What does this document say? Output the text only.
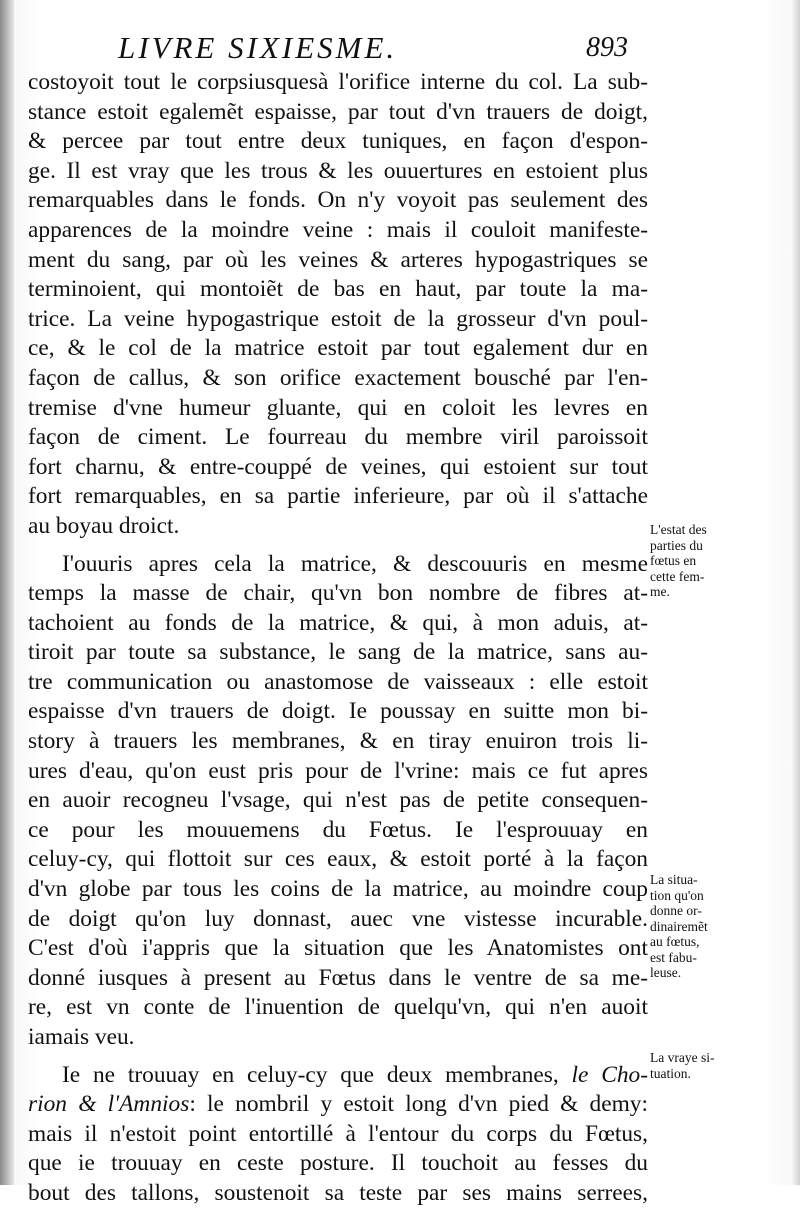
LIVRE SIXIESME.	893
costoyoit tout le corpsiusquesà l'orifice interne du col. La sub-
stance estoit egalemẽt espaisse, par tout d'vn trauers de doigt,
& percee par tout entre deux tuniques, en façon d'espon-
ge. Il est vray que les trous & les ouuertures en estoient plus
remarquables dans le fonds. On n'y voyoit pas seulement des
apparences de la moindre veine : mais il couloit manifeste-
ment du sang, par où les veines & arteres hypogastriques se
terminoient, qui montoiẽt de bas en haut, par toute la ma-
trice. La veine hypogastrique estoit de la grosseur d'vn poul-
ce, & le col de la matrice estoit par tout egalement dur en
façon de callus, & son orifice exactement bousché par l'en-
tremise d'vne humeur gluante, qui en coloit les levres en
façon de ciment. Le fourreau du membre viril paroissoit
fort charnu, & entre-couppé de veines, qui estoient sur tout
fort remarquables, en sa partie inferieure, par où il s'attache
au boyau droict.
I'ouuris apres cela la matrice, & descouuris en mesme
temps la masse de chair, qu'vn bon nombre de fibres at-
tachoient au fonds de la matrice, & qui, à mon aduis, at-
tiroit par toute sa substance, le sang de la matrice, sans au-
tre communication ou anastomose de vaisseaux : elle estoit
espaisse d'vn trauers de doigt. Ie poussay en suitte mon bi-
story à trauers les membranes, & en tiray enuiron trois li-
ures d'eau, qu'on eust pris pour de l'vrine: mais ce fut apres
en auoir recogneu l'vsage, qui n'est pas de petite consequen-
ce pour les mouuemens du Fœtus. Ie l'esprouuay en
celuy-cy, qui flottoit sur ces eaux, & estoit porté à la façon
d'vn globe par tous les coins de la matrice, au moindre coup
de doigt qu'on luy donnast, auec vne vistesse incurable.
C'est d'où i'appris que la situation que les Anatomistes ont
donné iusques à present au Fœtus dans le ventre de sa me-
re, est vn conte de l'inuention de quelqu'vn, qui n'en auoit
iamais veu.
Ie ne trouuay en celuy-cy que deux membranes, le Cho-
rion & l'Amnios: le nombril y estoit long d'vn pied & demy:
mais il n'estoit point entortillé à l'entour du corps du Fœtus,
que ie trouuay en ceste posture. Il touchoit au fesses du
bout des tallons, soustenoit sa teste par ses mains serrees,
L'estat des
parties du
fœtus en
cette fem-
me.
La situa-
tion qu'on
donne or-
dinairemẽt
au fœtus,
est fabu-
leuse.
La vraye si-
tuation.
